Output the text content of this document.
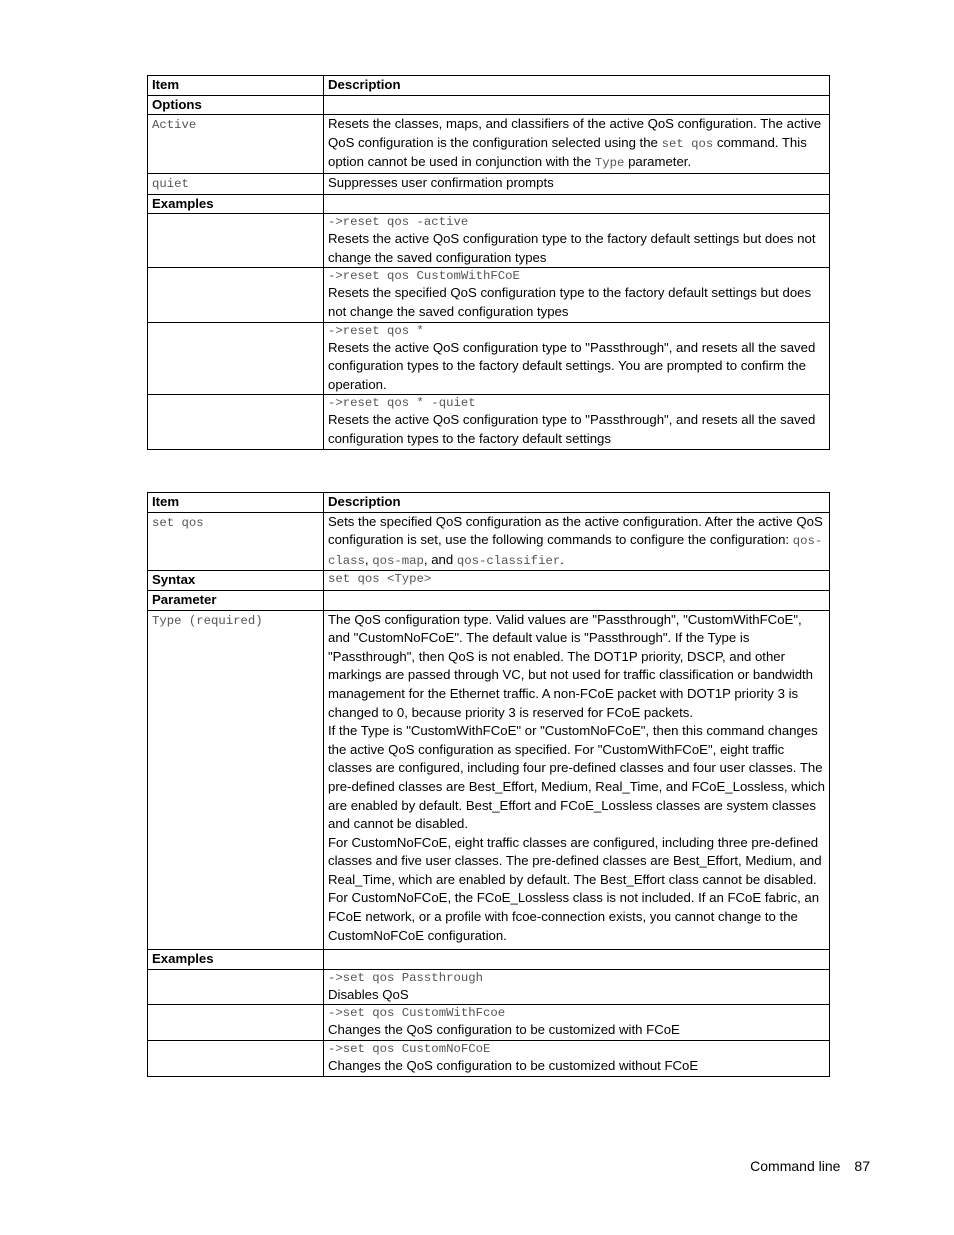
Item	Description
Options	
Active	Resets the classes, maps, and classifiers of the active QoS configuration. The active QoS configuration is the configuration selected using the set qos command. This option cannot be used in conjunction with the Type parameter.
quiet	Suppresses user confirmation prompts
Examples	

	->reset qos -active
Resets the active QoS configuration type to the factory default settings but does not change the saved configuration types

	->reset qos CustomWithFCoE
Resets the specified QoS configuration type to the factory default settings but does not change the saved configuration types

	->reset qos *
Resets the active QoS configuration type to "Passthrough", and resets all the saved configuration types to the factory default settings. You are prompted to confirm the operation.

	->reset qos * -quiet
Resets the active QoS configuration type to "Passthrough", and resets all the saved configuration types to the factory default settings
Item	Description
set qos	Sets the specified QoS configuration as the active configuration. After the active QoS configuration is set, use the following commands to configure the configuration: qos-class, qos-map, and qos-classifier.
Syntax	set qos <Type>

Parameter	
Type (required)	The QoS configuration type. Valid values are "Passthrough", "CustomWithFCoE", and "CustomNoFCoE". The default value is "Passthrough". If the Type is "Passthrough", then QoS is not enabled. The DOT1P priority, DSCP, and other markings are passed through VC, but not used for traffic classification or bandwidth management for the Ethernet traffic. A non-FCoE packet with DOT1P priority 3 is changed to 0, because priority 3 is reserved for FCoE packets.
If the Type is "CustomWithFCoE" or "CustomNoFCoE", then this command changes the active QoS configuration as specified. For "CustomWithFCoE", eight traffic classes are configured, including four pre-defined classes and four user classes. The pre-defined classes are Best_Effort, Medium, Real_Time, and FCoE_Lossless, which are enabled by default. Best_Effort and FCoE_Lossless classes are system classes and cannot be disabled.
For CustomNoFCoE, eight traffic classes are configured, including three pre-defined classes and five user classes. The pre-defined classes are Best_Effort, Medium, and Real_Time, which are enabled by default. The Best_Effort class cannot be disabled. For CustomNoFCoE, the FCoE_Lossless class is not included. If an FCoE fabric, an FCoE network, or a profile with fcoe-connection exists, you cannot change to the CustomNoFCoE configuration.

Examples	

	->set qos Passthrough
Disables QoS

	->set qos CustomWithFcoe
Changes the QoS configuration to be customized with FCoE

	->set qos CustomNoFCoE
Changes the QoS configuration to be customized without FCoE
Command line 87
